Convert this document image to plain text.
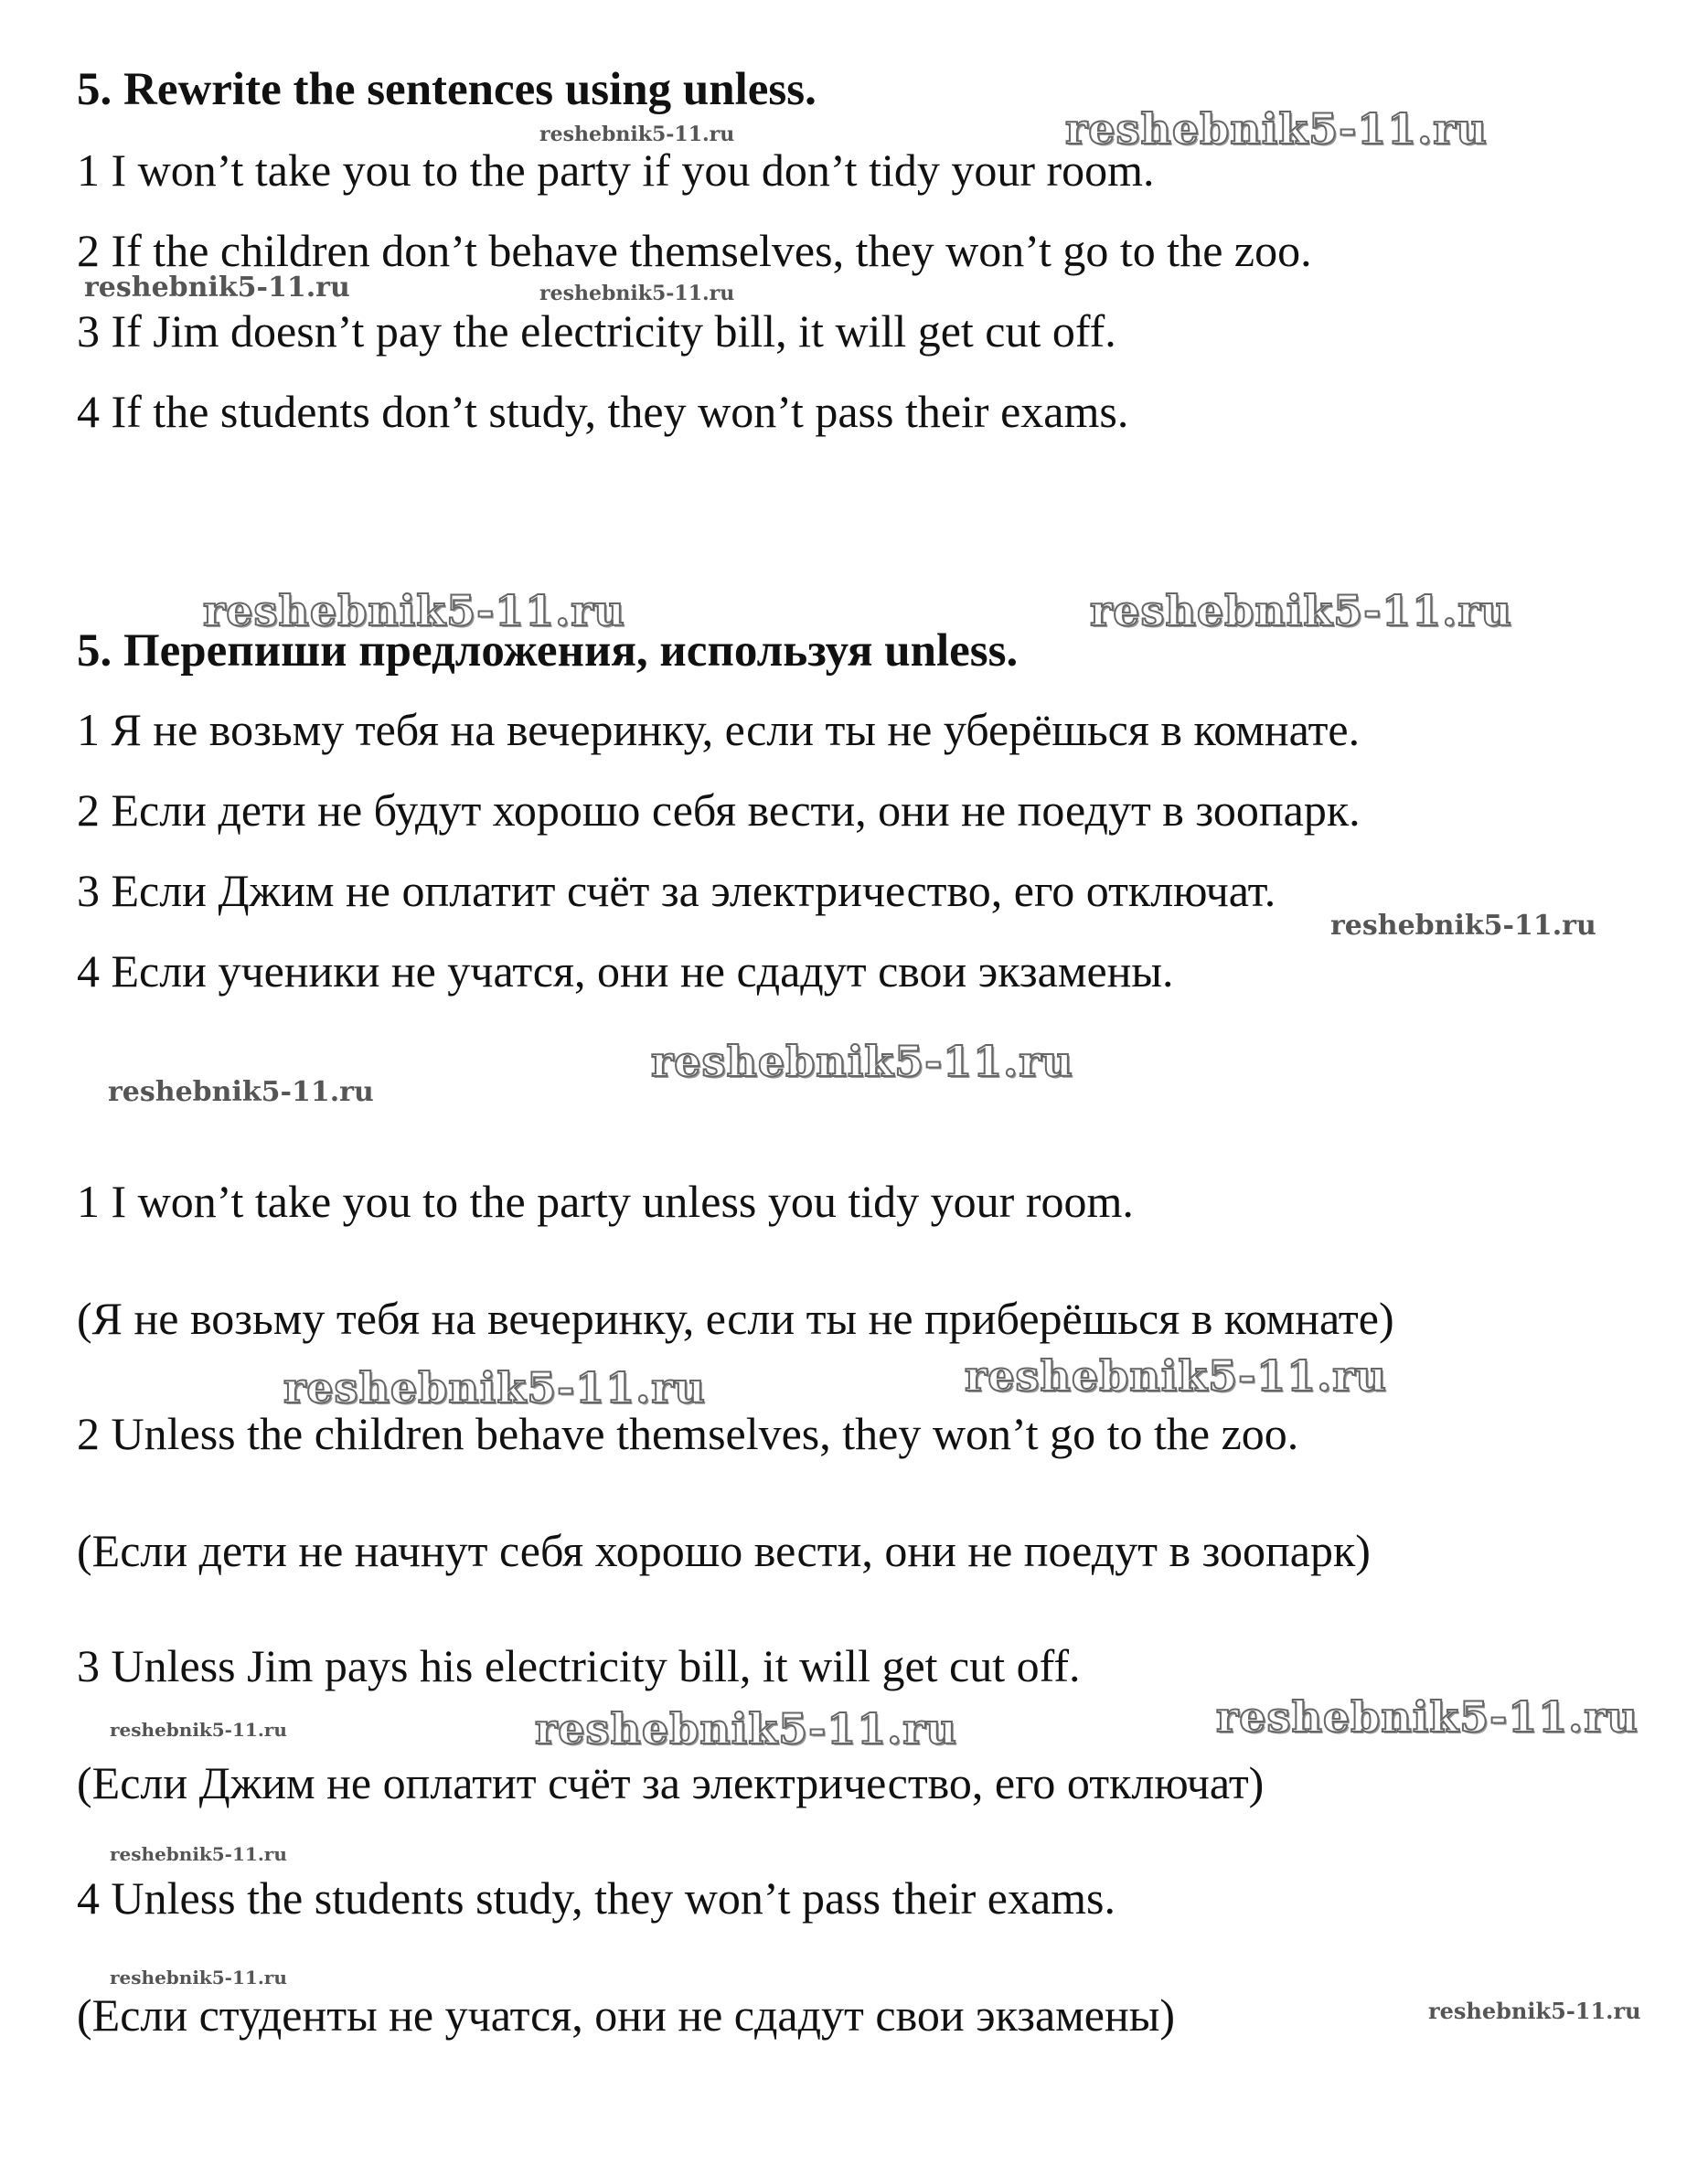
reshebnik5-11.ru
reshebnik5-11.ru
reshebnik5-11.ru	reshebnik5-11.ru
reshebnik5-11.ru	reshebnik5-11.ru
reshebnik5-11.ru
reshebnik5-11.ru
reshebnik5-11.ru
reshebnik5-11.ru	reshebnik5-11.ru
reshebnik5-11.ru	reshebnik5-11.ru	reshebnik5-11.ru
reshebnik5-11.ru
reshebnik5-11.ru
reshebnik5-11.ru
5. Rewrite the sentences using unless.
1 I won’t take you to the party if you don’t tidy your room.
2 If the children don’t behave themselves, they won’t go to the zoo.
3 If Jim doesn’t pay the electricity bill, it will get cut off.
4 If the students don’t study, they won’t pass their exams.
5. Перепиши предложения, используя unless.
1 Я не возьму тебя на вечеринку, если ты не уберёшься в комнате.
2 Если дети не будут хорошо себя вести, они не поедут в зоопарк.
3 Если Джим не оплатит счёт за электричество, его отключат.
4 Если ученики не учатся, они не сдадут свои экзамены.
1 I won’t take you to the party unless you tidy your room.
(Я не возьму тебя на вечеринку, если ты не приберёшься в комнате)
2 Unless the children behave themselves, they won’t go to the zoo.
(Если дети не начнут себя хорошо вести, они не поедут в зоопарк)
3 Unless Jim pays his electricity bill, it will get cut off.
(Если Джим не оплатит счёт за электричество, его отключат)
4 Unless the students study, they won’t pass their exams.
(Если студенты не учатся, они не сдадут свои экзамены)
